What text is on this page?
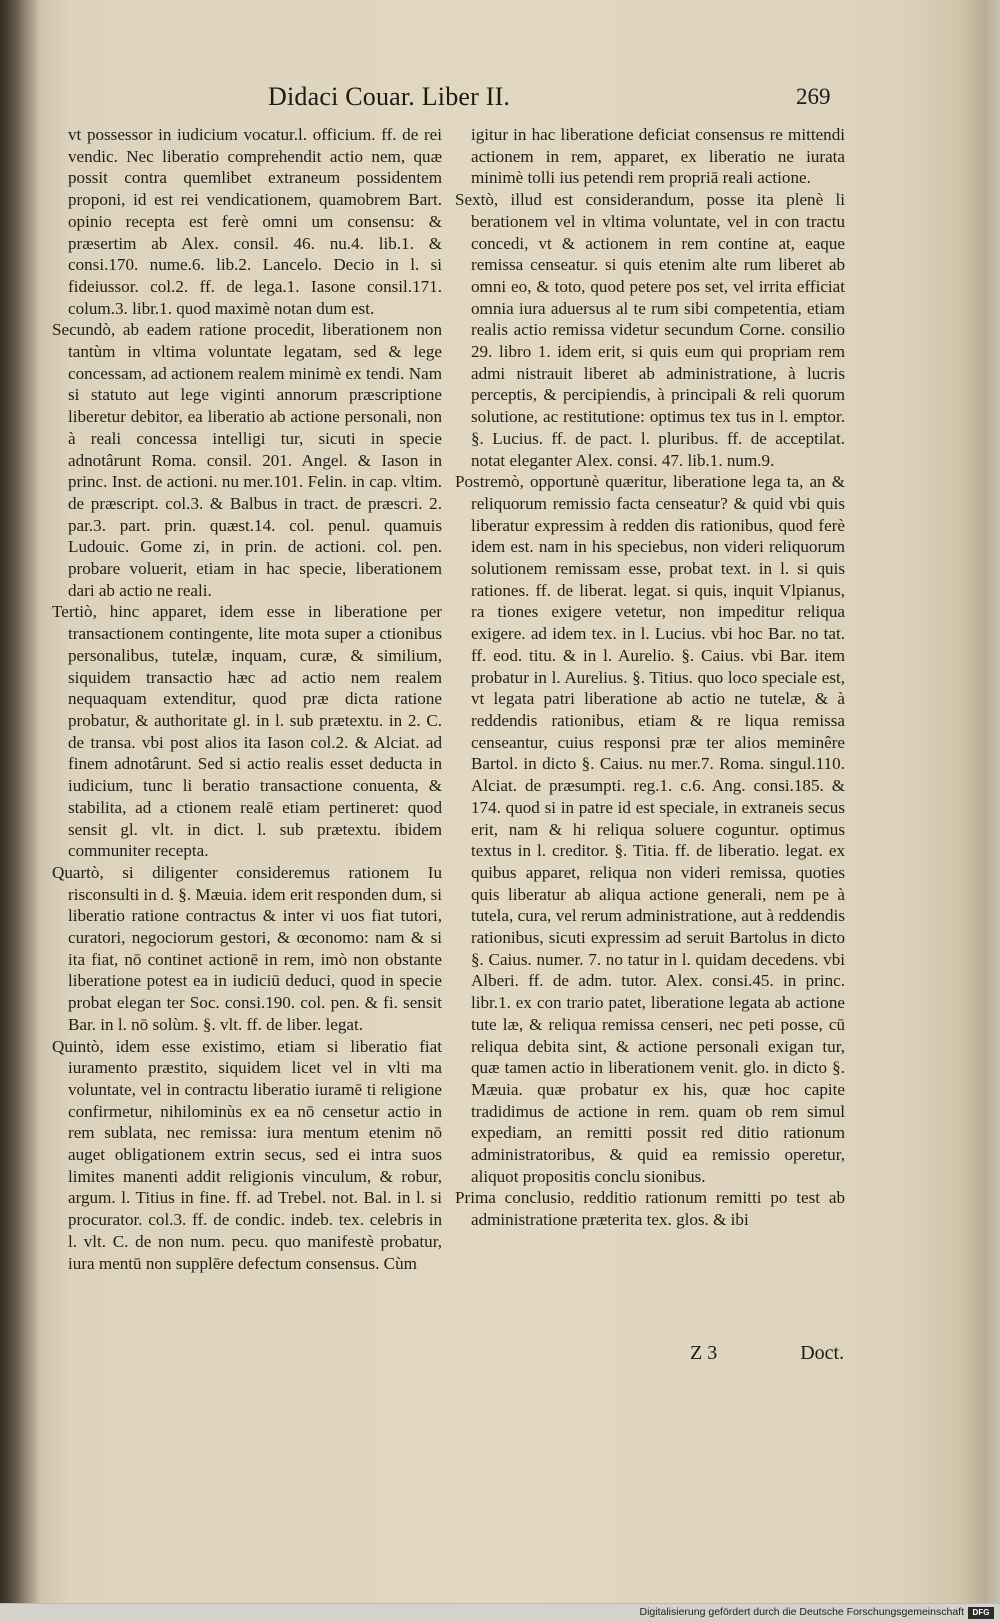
Didaci Couar. Liber II.	269

vt possessor in iudicium vocatur.l. officium. ff. de rei vendic. Nec liberatio comprehendit actio nem, quæ possit contra quemlibet extraneum possidentem proponi, id est rei vendicationem, quamobrem Bart. opinio recepta est ferè omni um consensu: & præsertim ab Alex. consil. 46. nu.4. lib.1. & consi.170. nume.6. lib.2. Lancelo. Decio in l. si fideiussor. col.2. ff. de lega.1. Iasone consil.171. colum.3. libr.1. quod maximè notan dum est.

Secundò, ab eadem ratione procedit, liberationem non tantùm in vltima voluntate legatam, sed & lege concessam, ad actionem realem minimè ex tendi. Nam si statuto aut lege viginti annorum præscriptione liberetur debitor, ea liberatio ab actione personali, non à reali concessa intelligi tur, sicuti in specie adnotârunt Roma. consil. 201. Angel. & Iason in princ. Inst. de actioni. nu mer.101. Felin. in cap. vltim. de præscript. col.3. & Balbus in tract. de præscri. 2. par.3. part. prin. quæst.14. col. penul. quamuis Ludouic. Gome zi, in prin. de actioni. col. pen. probare voluerit, etiam in hac specie, liberationem dari ab actio ne reali.

Tertiò, hinc apparet, idem esse in liberatione per transactionem contingente, lite mota super a ctionibus personalibus, tutelæ, inquam, curæ, & similium, siquidem transactio hæc ad actio nem realem nequaquam extenditur, quod præ dicta ratione probatur, & authoritate gl. in l. sub prætextu. in 2. C. de transa. vbi post alios ita Iason col.2. & Alciat. ad finem adnotârunt. Sed si actio realis esset deducta in iudicium, tunc li beratio transactione conuenta, & stabilita, ad a ctionem realē etiam pertineret: quod sensit gl. vlt. in dict. l. sub prætextu. ibidem communiter recepta.

Quartò, si diligenter consideremus rationem Iu risconsulti in d. §. Mæuia. idem erit responden dum, si liberatio ratione contractus & inter vi uos fiat tutori, curatori, negociorum gestori, & œconomo: nam & si ita fiat, nō continet actionē in rem, imò non obstante liberatione potest ea in iudiciū deduci, quod in specie probat elegan ter Soc. consi.190. col. pen. & fi. sensit Bar. in l. nō solùm. §. vlt. ff. de liber. legat.

Quintò, idem esse existimo, etiam si liberatio fiat iuramento præstito, siquidem licet vel in vlti ma voluntate, vel in contractu liberatio iuramē ti religione confirmetur, nihilominùs ex ea nō censetur actio in rem sublata, nec remissa: iura mentum etenim nō auget obligationem extrin secus, sed ei intra suos limites manenti addit religionis vinculum, & robur, argum. l. Titius in fine. ff. ad Trebel. not. Bal. in l. si procurator. col.3. ff. de condic. indeb. tex. celebris in l. vlt. C. de non num. pecu. quo manifestè probatur, iura mentū non supplēre defectum consensus. Cùm

igitur in hac liberatione deficiat consensus re mittendi actionem in rem, apparet, ex liberatio ne iurata minimè tolli ius petendi rem propriā reali actione.

Sextò, illud est considerandum, posse ita plenè li berationem vel in vltima voluntate, vel in con tractu concedi, vt & actionem in rem contine at, eaque remissa censeatur. si quis etenim alte rum liberet ab omni eo, & toto, quod petere pos set, vel irrita efficiat omnia iura aduersus al te rum sibi competentia, etiam realis actio remissa videtur secundum Corne. consilio 29. libro 1. idem erit, si quis eum qui propriam rem admi nistrauit liberet ab administratione, à lucris perceptis, & percipiendis, à principali & reli quorum solutione, ac restitutione: optimus tex tus in l. emptor. §. Lucius. ff. de pact. l. pluribus. ff. de acceptilat. notat eleganter Alex. consi. 47. lib.1. num.9.

Postremò, opportunè quæritur, liberatione lega ta, an & reliquorum remissio facta censeatur? & quid vbi quis liberatur expressim à redden dis rationibus, quod ferè idem est. nam in his speciebus, non videri reliquorum solutionem remissam esse, probat text. in l. si quis rationes. ff. de liberat. legat. si quis, inquit Vlpianus, ra tiones exigere vetetur, non impeditur reliqua exigere. ad idem tex. in l. Lucius. vbi hoc Bar. no tat. ff. eod. titu. & in l. Aurelio. §. Caius. vbi Bar. item probatur in l. Aurelius. §. Titius. quo loco speciale est, vt legata patri liberatione ab actio ne tutelæ, & à reddendis rationibus, etiam & re liqua remissa censeantur, cuius responsi præ ter alios meminêre Bartol. in dicto §. Caius. nu mer.7. Roma. singul.110. Alciat. de præsumpti. reg.1. c.6. Ang. consi.185. & 174. quod si in patre id est speciale, in extraneis secus erit, nam & hi reliqua soluere coguntur. optimus textus in l. creditor. §. Titia. ff. de liberatio. legat. ex quibus apparet, reliqua non videri remissa, quoties quis liberatur ab aliqua actione generali, nem pe à tutela, cura, vel rerum administratione, aut à reddendis rationibus, sicuti expressim ad seruit Bartolus in dicto §. Caius. numer. 7. no tatur in l. quidam decedens. vbi Alberi. ff. de adm. tutor. Alex. consi.45. in princ. libr.1. ex con trario patet, liberatione legata ab actione tute læ, & reliqua remissa censeri, nec peti posse, cū reliqua debita sint, & actione personali exigan tur, quæ tamen actio in liberationem venit. glo. in dicto §. Mæuia. quæ probatur ex his, quæ hoc capite tradidimus de actione in rem. quam ob rem simul expediam, an remitti possit red ditio rationum administratoribus, & quid ea remissio operetur, aliquot propositis conclu sionibus.

Prima conclusio, redditio rationum remitti po test ab administratione præterita tex. glos. & ibi

Z 3	Doct.
Digitalisierung gefördert durch die Deutsche Forschungsgemeinschaft	DFG
